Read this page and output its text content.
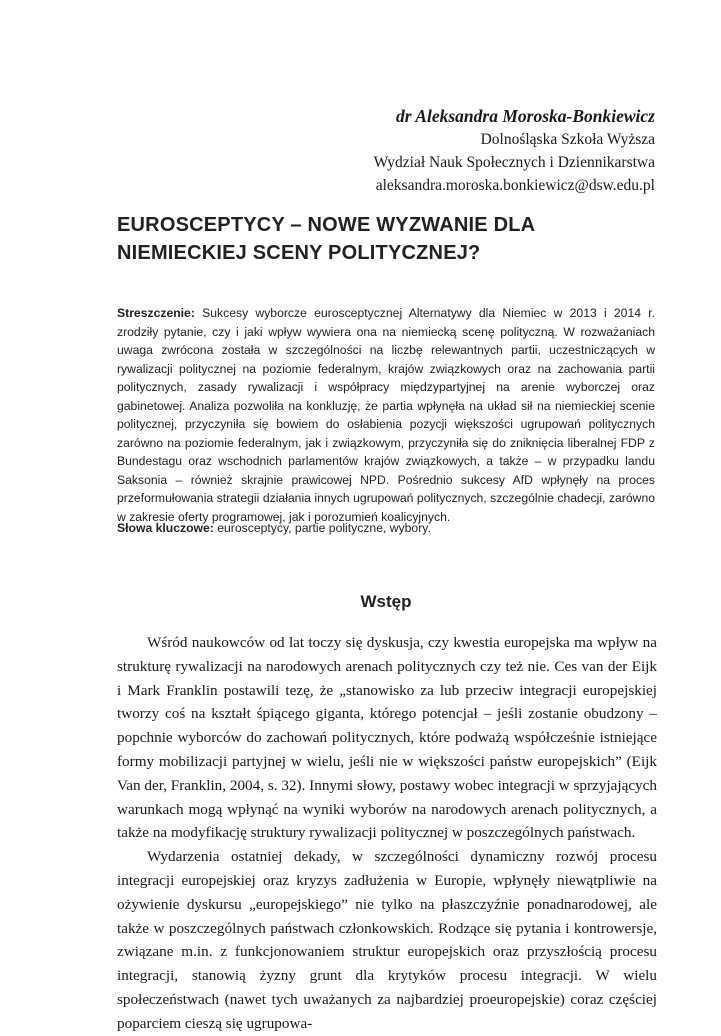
dr Aleksandra Moroska-Bonkiewicz
Dolnośląska Szkoła Wyższa
Wydział Nauk Społecznych i Dziennikarstwa
aleksandra.moroska.bonkiewicz@dsw.edu.pl
EUROSCEPTYCY – NOWE WYZWANIE DLA
NIEMIECKIEJ SCENY POLITYCZNEJ?
Streszczenie: Sukcesy wyborcze eurosceptycznej Alternatywy dla Niemiec w 2013 i 2014 r. zrodziły pytanie, czy i jaki wpływ wywiera ona na niemiecką scenę polityczną. W rozważaniach uwaga zwrócona została w szczególności na liczbę relewantnych partii, uczestniczących w rywalizacji politycznej na poziomie federalnym, krajów związkowych oraz na zachowania partii politycznych, zasady rywalizacji i współpracy międzypartyjnej na arenie wyborczej oraz gabinetowej. Analiza pozwoliła na konkluzję, że partia wpłynęła na układ sił na niemieckiej scenie politycznej, przyczyniła się bowiem do osłabienia pozycji większości ugrupowań politycznych zarówno na poziomie federalnym, jak i związkowym, przyczyniła się do zniknięcia liberalnej FDP z Bundestagu oraz wschodnich parlamentów krajów związkowych, a także – w przypadku landu Saksonia – również skrajnie prawicowej NPD. Pośrednio sukcesy AfD wpłynęły na proces przeformułowania strategii działania innych ugrupowań politycznych, szczególnie chadecji, zarówno w zakresie oferty programowej, jak i porozumień koalicyjnych.
Słowa kluczowe: eurosceptycy, partie polityczne, wybory.
Wstęp

Wśród naukowców od lat toczy się dyskusja, czy kwestia europejska ma wpływ na strukturę rywalizacji na narodowych arenach politycznych czy też nie. Ces van der Eijk i Mark Franklin postawili tezę, że „stanowisko za lub przeciw integracji europejskiej tworzy coś na kształt śpiącego giganta, którego potencjał – jeśli zostanie obudzony – popchnie wyborców do zachowań politycznych, które podważą współcześnie istniejące formy mobilizacji partyjnej w wielu, jeśli nie w większości państw europejskich” (Eijk Van der, Franklin, 2004, s. 32). Innymi słowy, postawy wobec integracji w sprzyjających warunkach mogą wpłynąć na wyniki wyborów na narodowych arenach politycznych, a także na modyfikację struktury rywalizacji politycznej w poszczególnych państwach.

Wydarzenia ostatniej dekady, w szczególności dynamiczny rozwój procesu integracji europejskiej oraz kryzys zadłużenia w Europie, wpłynęły niewątpliwie na ożywienie dyskursu „europejskiego” nie tylko na płaszczyźnie ponadnarodowej, ale także w poszczególnych państwach członkowskich. Rodzące się pytania i kontrowersje, związane m.in. z funkcjonowaniem struktur europejskich oraz przyszłością procesu integracji, stanowią żyzny grunt dla krytyków procesu integracji. W wielu społeczeństwach (nawet tych uważanych za najbardziej proeuropejskie) coraz częściej poparciem cieszą się ugrupowa-
